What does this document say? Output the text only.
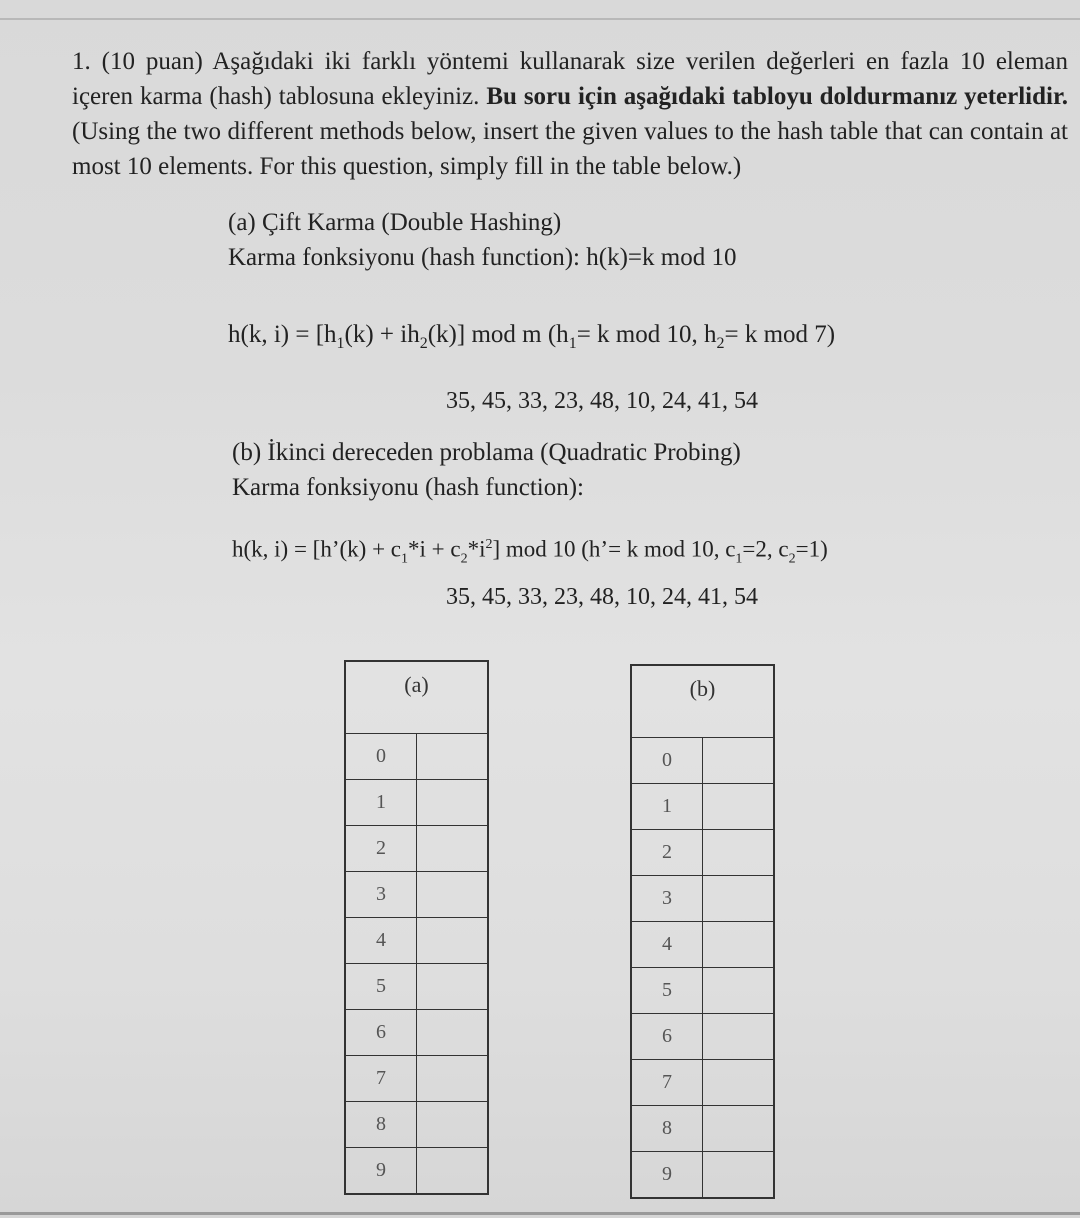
1. (10 puan) Aşağıdaki iki farklı yöntemi kullanarak size verilen değerleri en fazla 10 eleman içeren karma (hash) tablosuna ekleyiniz. Bu soru için aşağıdaki tabloyu doldurmanız yeterlidir. (Using the two different methods below, insert the given values to the hash table that can contain at most 10 elements. For this question, simply fill in the table below.)
(a) Çift Karma (Double Hashing)
Karma fonksiyonu (hash function): h(k)=k mod 10
h(k, $i) = [h_1(k) + ih_2(k)]$ mod m ($h_1= k$ mod 10, $h_2= k$ mod 7)
35, 45, 33, 23, 48, 10, 24, 41, 54
(b) İkinci dereceden problama (Quadratic Probing)
Karma fonksiyonu (hash function):
h(k, i) = [h’(k) + $c_1*i + c_2*i^2$] mod 10 (h’= k mod 10, $c_1=2$, $c_2=1$)
35, 45, 33, 23, 48, 10, 24, 41, 54
(a)	
0	
1	
2	
3	
4	
5	
6	
7	
8	
9	
(b)	
0	
1	
2	
3	
4	
5	
6	
7	
8	
9	
